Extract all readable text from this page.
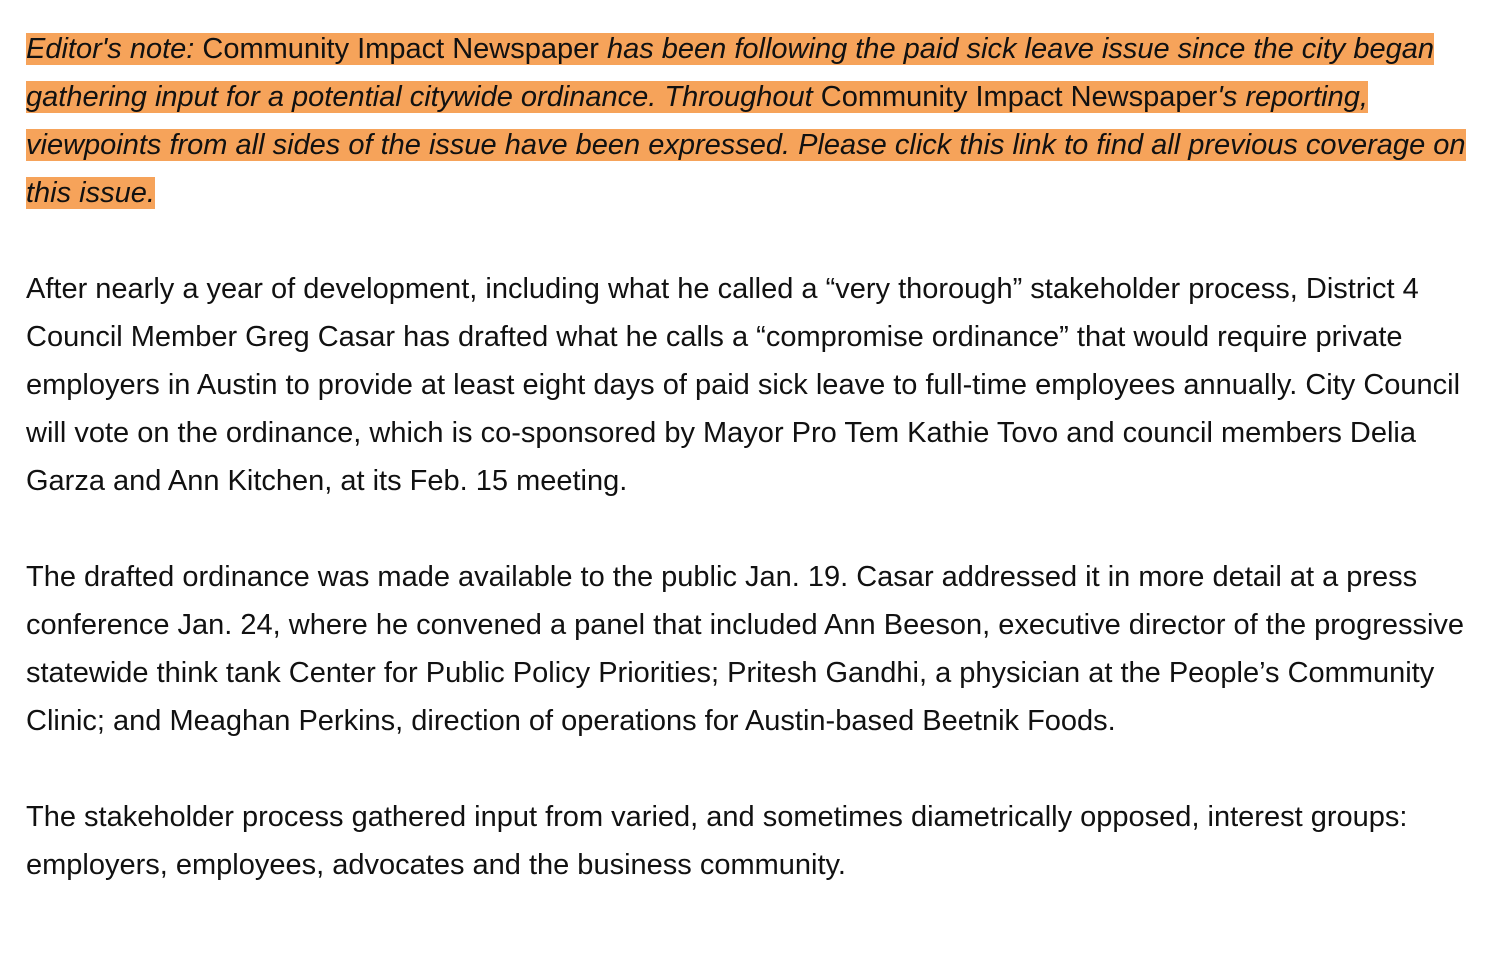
Editor's note: Community Impact Newspaper has been following the paid sick leave issue since the city began gathering input for a potential citywide ordinance. Throughout Community Impact Newspaper's reporting, viewpoints from all sides of the issue have been expressed. Please click this link to find all previous coverage on this issue.

After nearly a year of development, including what he called a “very thorough” stakeholder process, District 4 Council Member Greg Casar has drafted what he calls a “compromise ordinance” that would require private employers in Austin to provide at least eight days of paid sick leave to full-time employees annually. City Council will vote on the ordinance, which is co-sponsored by Mayor Pro Tem Kathie Tovo and council members Delia Garza and Ann Kitchen, at its Feb. 15 meeting.

The drafted ordinance was made available to the public Jan. 19. Casar addressed it in more detail at a press conference Jan. 24, where he convened a panel that included Ann Beeson, executive director of the progressive statewide think tank Center for Public Policy Priorities; Pritesh Gandhi, a physician at the People’s Community Clinic; and Meaghan Perkins, direction of operations for Austin-based Beetnik Foods.

The stakeholder process gathered input from varied, and sometimes diametrically opposed, interest groups: employers, employees, advocates and the business community.
